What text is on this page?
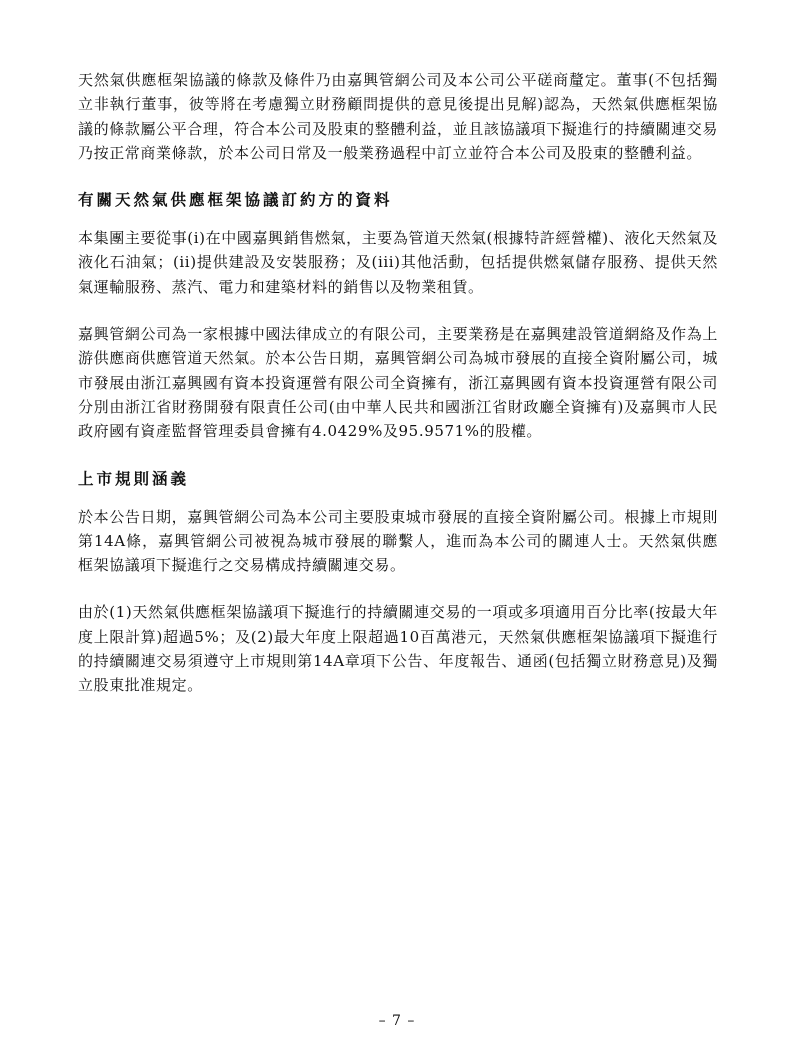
天然氣供應框架協議的條款及條件乃由嘉興管網公司及本公司公平磋商釐定。董事(不包括獨立非執行董事，彼等將在考慮獨立財務顧問提供的意見後提出見解)認為，天然氣供應框架協議的條款屬公平合理，符合本公司及股東的整體利益，並且該協議項下擬進行的持續關連交易乃按正常商業條款，於本公司日常及一般業務過程中訂立並符合本公司及股東的整體利益。

有關天然氣供應框架協議訂約方的資料

本集團主要從事(i)在中國嘉興銷售燃氣，主要為管道天然氣(根據特許經營權)、液化天然氣及液化石油氣；(ii)提供建設及安裝服務；及(iii)其他活動，包括提供燃氣儲存服務、提供天然氣運輸服務、蒸汽、電力和建築材料的銷售以及物業租賃。

嘉興管網公司為一家根據中國法律成立的有限公司，主要業務是在嘉興建設管道網絡及作為上游供應商供應管道天然氣。於本公告日期，嘉興管網公司為城市發展的直接全資附屬公司，城市發展由浙江嘉興國有資本投資運營有限公司全資擁有，浙江嘉興國有資本投資運營有限公司分別由浙江省財務開發有限責任公司(由中華人民共和國浙江省財政廳全資擁有)及嘉興市人民政府國有資產監督管理委員會擁有4.0429%及95.9571%的股權。

上市規則涵義

於本公告日期，嘉興管網公司為本公司主要股東城市發展的直接全資附屬公司。根據上市規則第14A條，嘉興管網公司被視為城市發展的聯繫人，進而為本公司的關連人士。天然氣供應框架協議項下擬進行之交易構成持續關連交易。

由於(1)天然氣供應框架協議項下擬進行的持續關連交易的一項或多項適用百分比率(按最大年度上限計算)超過5%；及(2)最大年度上限超過10百萬港元，天然氣供應框架協議項下擬進行的持續關連交易須遵守上市規則第14A章項下公告、年度報告、通函(包括獨立財務意見)及獨立股東批准規定。

– 7 –
